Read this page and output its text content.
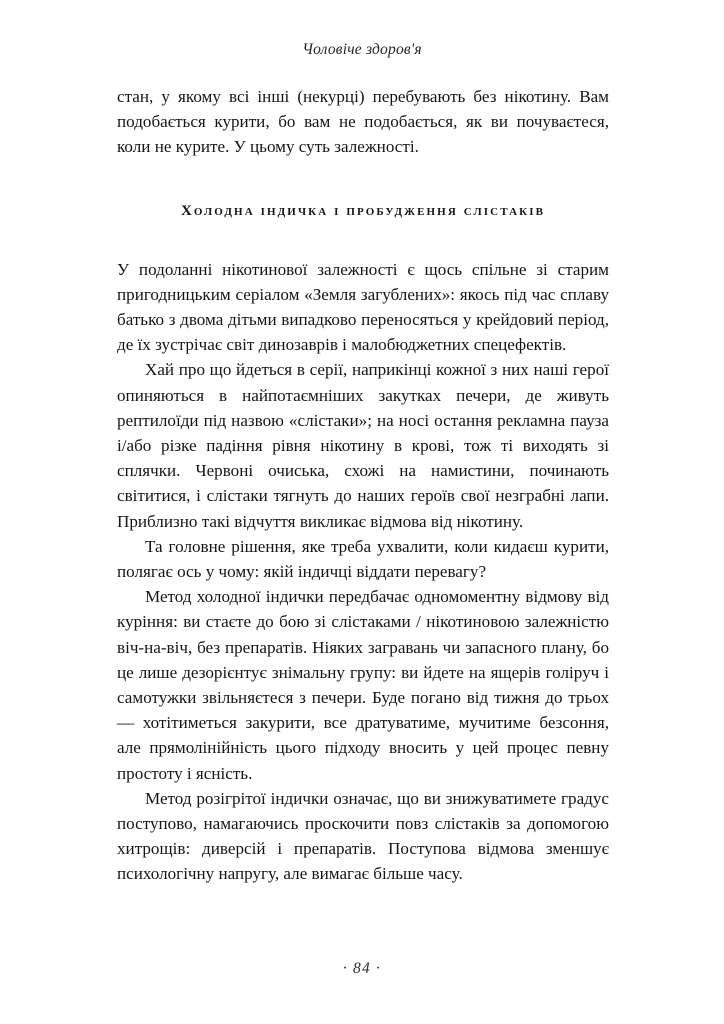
Чоловіче здоров'я

стан, у якому всі інші (некурці) перебувають без нікотину. Вам подобається курити, бо вам не подобається, як ви почуваєтеся, коли не курите. У цьому суть залежності.

Холодна індичка і пробудження слістаків

У подоланні нікотинової залежності є щось спільне зі старим пригодницьким серіалом «Земля загублених»: якось під час сплаву батько з двома дітьми випадково переносяться у крейдовий період, де їх зустрічає світ динозаврів і малобюджетних спецефектів.

Хай про що йдеться в серії, наприкінці кожної з них наші герої опиняються в найпотаємніших закутках печери, де живуть рептилоїди під назвою «слістаки»; на носі остання рекламна пауза і/або різке падіння рівня нікотину в крові, тож ті виходять зі сплячки. Червоні очиська, схожі на намистини, починають світитися, і слістаки тягнуть до наших героїв свої незграбні лапи. Приблизно такі відчуття викликає відмова від нікотину.

Та головне рішення, яке треба ухвалити, коли кидаєш курити, полягає ось у чому: якій індичці віддати перевагу?

Метод холодної індички передбачає одномоментну відмову від куріння: ви стаєте до бою зі слістаками / нікотиновою залежністю віч-на-віч, без препаратів. Ніяких загравань чи запасного плану, бо це лише дезорієнтує знімальну групу: ви йдете на ящерів голіруч і самотужки звільняєтеся з печери. Буде погано від тижня до трьох — хотітиметься закурити, все дратуватиме, мучитиме безсоння, але прямолінійність цього підходу вносить у цей процес певну простоту і ясність.

Метод розігрітої індички означає, що ви знижуватимете градус поступово, намагаючись проскочити повз слістаків за допомогою хитрощів: диверсій і препаратів. Поступова відмова зменшує психологічну напругу, але вимагає більше часу.

· 84 ·
